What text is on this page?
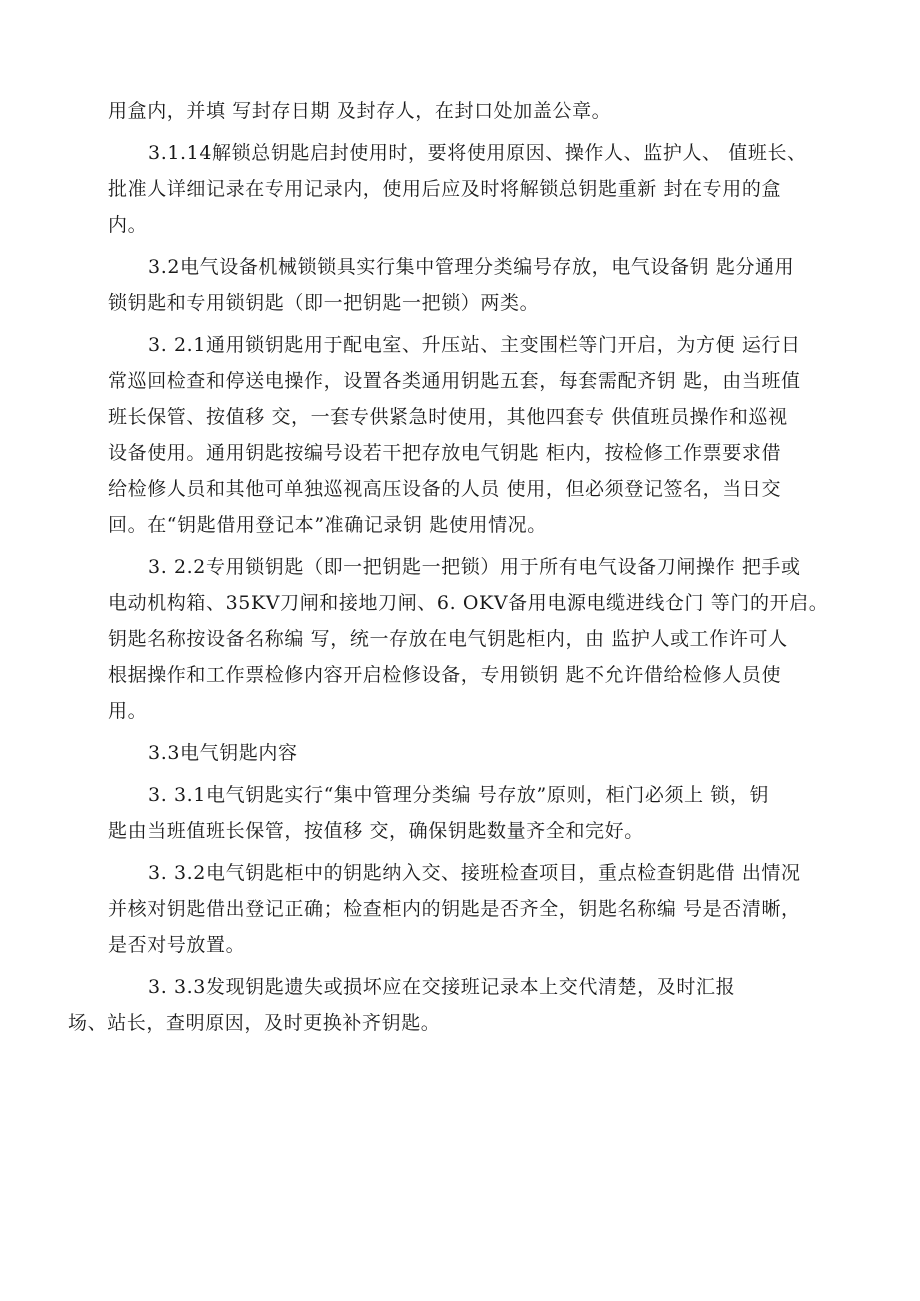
用盒内，并填 写封存日期 及封存人，在封口处加盖公章。

3.1.14解锁总钥匙启封使用时，要将使用原因、操作人、监护人、 值班长、
批准人详细记录在专用记录内，使用后应及时将解锁总钥匙重新 封在专用的盒
内。

3.2电气设备机械锁锁具实行集中管理分类编号存放，电气设备钥 匙分通用
锁钥匙和专用锁钥匙（即一把钥匙一把锁）两类。

3. 2.1通用锁钥匙用于配电室、升压站、主变围栏等门开启，为方便 运行日
常巡回检查和停送电操作，设置各类通用钥匙五套，每套需配齐钥 匙，由当班值
班长保管、按值移 交，一套专供紧急时使用，其他四套专 供值班员操作和巡视
设备使用。通用钥匙按编号设若干把存放电气钥匙 柜内，按检修工作票要求借
给检修人员和其他可单独巡视高压设备的人员 使用，但必须登记签名，当日交
回。在“钥匙借用登记本”准确记录钥 匙使用情况。

3. 2.2专用锁钥匙（即一把钥匙一把锁）用于所有电气设备刀闸操作 把手或
电动机构箱、35KV刀闸和接地刀闸、6. OKV备用电源电缆进线仓门 等门的开启。
钥匙名称按设备名称编 写，统一存放在电气钥匙柜内，由 监护人或工作许可人
根据操作和工作票检修内容开启检修设备，专用锁钥 匙不允许借给检修人员使
用。

3.3电气钥匙内容

3. 3.1电气钥匙实行“集中管理分类编 号存放”原则，柜门必须上 锁，钥
匙由当班值班长保管，按值移 交，确保钥匙数量齐全和完好。

3. 3.2电气钥匙柜中的钥匙纳入交、接班检查项目，重点检查钥匙借 出情况
并核对钥匙借出登记正确；检查柜内的钥匙是否齐全，钥匙名称编 号是否清晰，
是否对号放置。

3. 3.3发现钥匙遗失或损坏应在交接班记录本上交代清楚，及时汇报
场、站长，查明原因，及时更换补齐钥匙。
